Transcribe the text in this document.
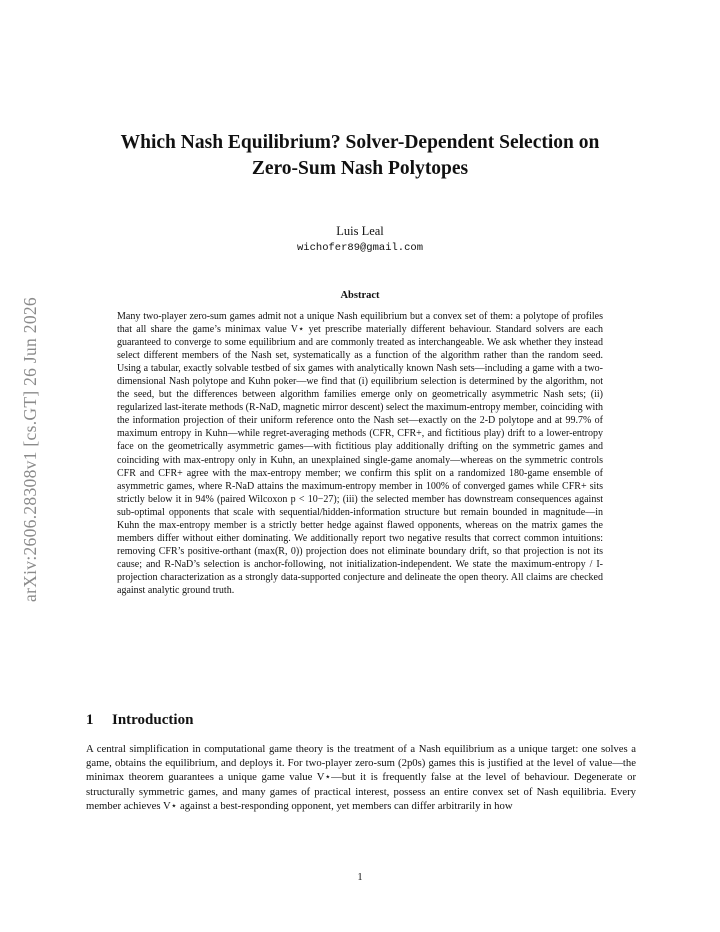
arXiv:2606.28308v1 [cs.GT] 26 Jun 2026
Which Nash Equilibrium? Solver-Dependent Selection on Zero-Sum Nash Polytopes
Luis Leal
wichofer89@gmail.com
Abstract

Many two-player zero-sum games admit not a unique Nash equilibrium but a convex set of them: a polytope of profiles that all share the game’s minimax value V⋆ yet prescribe materially different behaviour. Standard solvers are each guaranteed to converge to some equilibrium and are commonly treated as interchangeable. We ask whether they instead select different members of the Nash set, systematically as a function of the algorithm rather than the random seed. Using a tabular, exactly solvable testbed of six games with analytically known Nash sets—including a game with a two-dimensional Nash polytope and Kuhn poker—we find that (i) equilibrium selection is determined by the algorithm, not the seed, but the differences between algorithm families emerge only on geometrically asymmetric Nash sets; (ii) regularized last-iterate methods (R-NaD, magnetic mirror descent) select the maximum-entropy member, coinciding with the information projection of their uniform reference onto the Nash set—exactly on the 2-D polytope and at 99.7% of maximum entropy in Kuhn—while regret-averaging methods (CFR, CFR+, and fictitious play) drift to a lower-entropy face on the geometrically asymmetric games—with fictitious play additionally drifting on the symmetric games and coinciding with max-entropy only in Kuhn, an unexplained single-game anomaly—whereas on the symmetric controls CFR and CFR+ agree with the max-entropy member; we confirm this split on a randomized 180-game ensemble of asymmetric games, where R-NaD attains the maximum-entropy member in 100% of converged games while CFR+ sits strictly below it in 94% (paired Wilcoxon p < 10−27); (iii) the selected member has downstream consequences against sub-optimal opponents that scale with sequential/hidden-information structure but remain bounded in magnitude—in Kuhn the max-entropy member is a strictly better hedge against flawed opponents, whereas on the matrix games the members differ without either dominating. We additionally report two negative results that correct common intuitions: removing CFR’s positive-orthant (max(R, 0)) projection does not eliminate boundary drift, so that projection is not its cause; and R-NaD’s selection is anchor-following, not initialization-independent. We state the maximum-entropy / I-projection characterization as a strongly data-supported conjecture and delineate the open theory. All claims are checked against analytic ground truth.

1 Introduction

A central simplification in computational game theory is the treatment of a Nash equilibrium as a unique target: one solves a game, obtains the equilibrium, and deploys it. For two-player zero-sum (2p0s) games this is justified at the level of value—the minimax theorem guarantees a unique game value V⋆—but it is frequently false at the level of behaviour. Degenerate or structurally symmetric games, and many games of practical interest, possess an entire convex set of Nash equilibria. Every member achieves V⋆ against a best-responding opponent, yet members can differ arbitrarily in how

1
